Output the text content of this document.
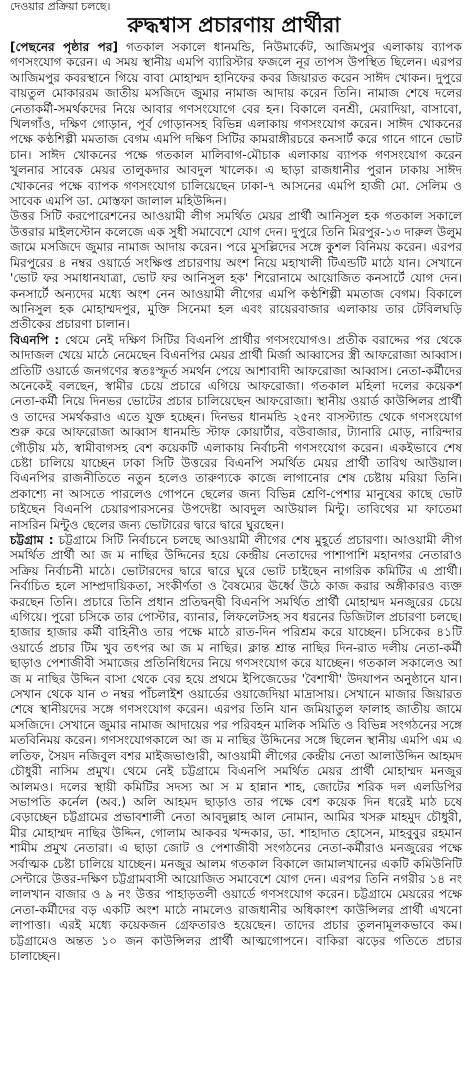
দেওয়ার প্রক্রিয়া চলছে।
রুদ্ধশ্বাস প্রচারণায় প্রার্থীরা

[পেছনের পৃষ্ঠার পর] গতকাল সকালে ধানমন্ডি, নিউমার্কেট, আজিমপুর এলাকায় ব্যাপক গণসংযোগ করেন। এ সময় স্থানীয় এমপি ব্যারিস্টার ফজলে নূর তাপস উপস্থিত ছিলেন। এরপর আজিমপুর কবরস্থানে গিয়ে বাবা মোহাম্মদ হানিফের কবর জিয়ারত করেন সাঈদ খোকন। দুপুরে বায়তুল মোকাররম জাতীয় মসজিদে জুমার নামাজ আদায় করেন তিনি। নামাজ শেষে দলের নেতাকর্মী-সমর্থকদের নিয়ে আবার গণসংযোগে বের হন। বিকালে বনশ্রী, মেরাদিয়া, বাসাবো, খিলগাঁও, দক্ষিণ গোড়ান, পূর্ব গোড়ানসহ বিভিন্ন এলাকায় গণসংযোগ করেন। সাঈদ খোকনের পক্ষে কণ্ঠশিল্পী মমতাজ বেগম এমপি দক্ষিণ সিটির কামরাঙ্গীরচরে কনসার্ট করে গানে গানে ভোট চান। সাঈদ খোকনের পক্ষে গতকাল মালিবাগ-মৌচাক এলাকায় ব্যাপক গণসংযোগ করেন খুলনার সাবেক মেয়র তালুকদার আবদুল খালেক। এ ছাড়া রাজধানীর পুরান ঢাকায় সাঈদ খোকনের পক্ষে ব্যাপক গণসংযোগ চালিয়েছেন ঢাকা-৭ আসনের এমপি হাজী মো. সেলিম ও সাবেক এমপি ডা. মোস্তফা জালাল মহিউদ্দিন।

উত্তর সিটি করপোরেশনের আওয়ামী লীগ সমর্থিত মেয়র প্রার্থী আনিসুল হক গতকাল সকালে উত্তরার মাইলস্টোন কলেজে এক সুধী সমাবেশে যোগ দেন। দুপুরে তিনি মিরপুর-১৩ দারুল উলুম জামে মসজিদে জুমার নামাজ আদায় করেন। পরে মুসল্লিদের সঙ্গে কুশল বিনিময় করেন। এরপর মিরপুরের ৪ নম্বর ওয়ার্ডে সংক্ষিপ্ত প্রচারণায় অংশ নিয়ে মহাখালী টিএন্ডটি মাঠে যান। সেখানে 'ভোট ফর সমাধানযাত্রা, ভোট ফর আনিসুল হক' শিরোনামে আয়োজিত কনসার্টে যোগ দেন। কনসার্টে অন্যদের মধ্যে অংশ নেন আওয়ামী লীগের এমপি কণ্ঠশিল্পী মমতাজ বেগম। বিকালে আনিসুল হক মোহাম্মদপুর, মুক্তি সিনেমা হল এবং রায়েরবাজার এলাকায় তার টেবিলঘড়ি প্রতীকের প্রচারণা চালান।

বিএনপি : থেমে নেই দক্ষিণ সিটির বিএনপি প্রার্থীর গণসংযোগও। প্রতীক বরাদ্দের পর থেকে আদাজল খেয়ে মাঠে নেমেছেন বিএনপির মেয়র প্রার্থী মির্জা আব্বাসের স্ত্রী আফরোজা আব্বাস। প্রতিটি ওয়ার্ডে জনগণের স্বতঃস্ফূর্ত সমর্থন পেয়ে আশাবাদী আফরোজা আব্বাস। নেতা-কর্মীদের অনেকেই বলছেন, স্বামীর চেয়ে প্রচারে এগিয়ে আফরোজা। গতকাল মহিলা দলের কয়েকশ নেতা-কর্মী নিয়ে দিনভর ভোটের প্রচার চালিয়েছেন আফরোজা। স্থানীয় ওয়ার্ড কাউন্সিলর প্রার্থী ও তাদের সমর্থকরাও এতে যুক্ত হচ্ছেন। দিনভর ধানমন্ডি ২৫নং বাসস্ট্যান্ড থেকে গণসংযোগ শুরু করে আফরোজা আব্বাস ধানমন্ডি স্টাফ কোয়ার্টার, বউবাজার, ট্যানারি মোড়, নারিন্দার গৌড়ীয় মঠ, স্বামীবাগসহ বেশ কয়েকটি এলাকায় নির্বাচনী গণসংযোগ করেন। একইভাবে শেষ চেষ্টা চালিয়ে যাচ্ছেন ঢাকা সিটি উত্তরের বিএনপি সমর্থিত মেয়র প্রার্থী তাবিথ আউয়াল। বিএনপির রাজনীতিতে নতুন হলেও তারুণ্যকে কাজে লাগানোর শেষ চেষ্টায় মরিয়া তিনি। প্রকাশ্যে না আসতে পারলেও গোপনে ছেলের জন্য বিভিন্ন শ্রেণি-পেশার মানুষের কাছে ভোট চাইছেন বিএনপি চেয়ারপারসনের উপদেষ্টা আবদুল আউয়াল মিন্টু। তাবিথের মা ফাতেমা নাসরিন মিন্টুও ছেলের জন্য ভোটারের দ্বারে দ্বারে ঘুরছেন।

চট্টগ্রাম : চট্টগ্রামে সিটি নির্বাচনে চলছে আওয়ামী লীগের শেষ মুহূর্তে প্রচারণা। আওয়ামী লীগ সমর্থিত প্রার্থী আ জ ম নাছির উদ্দিনের হয়ে কেন্দ্রীয় নেতাদের পাশাপাশি মহানগর নেতারাও সক্রিয় নির্বাচনী মাঠে। ভোটারদের দ্বারে দ্বারে ঘুরে ভোট চাইছেন নাগরিক কমিটির এ প্রার্থী। নির্বাচিত হলে সাম্প্রদায়িকতা, সংকীর্ণতা ও বৈষম্যের ঊর্ধ্বে উঠে কাজ করার অঙ্গীকারও ব্যক্ত করছেন তিনি। প্রচারে তিনি প্রধান প্রতিদ্বন্দ্বী বিএনপি সমর্থিত প্রার্থী মোহাম্মদ মনজুরের চেয়ে এগিয়ে। পুরো চসিকে তার পোস্টার, ব্যানার, লিফলেটসহ সব ধরনের ডিজিটাল প্রচারণা চলছে। হাজার হাজার কর্মী বাহিনীও তার পক্ষে মাঠে রাত-দিন পরিশ্রম করে যাচ্ছেন। চসিকের ৪১টি ওয়ার্ডে প্রচার টিম খুব তৎপর আ জ ম নাছির। ক্লান্ত শ্রান্ত নাছির দিন-রাত দলীয় নেতা-কর্মী ছাড়াও পেশাজীবী সমাজের প্রতিনিধিদের নিয়ে গণসংযোগ করে যাচ্ছেন। গতকাল সকালেও আ জ ম নাছির উদ্দিন বাসা থেকে বের হয়ে প্রথমে ইপিজেডের 'বৈশাখী' উদযাপন অনুষ্ঠানে যান। সেখান থেকে যান ৩ নম্বর পাঁচলাইশ ওয়ার্ডের ওয়াজেদিয়া মাদ্রাসায়। সেখানে মাজার জিয়ারত শেষে স্থানীয়দের সঙ্গে গণসংযোগ করেন। এরপর তিনি যান জমিয়াতুল ফালাহ জাতীয় জামে মসজিদে। সেখানে জুমার নামাজ আদায়ের পর পরিবহন মালিক সমিতি ও বিভিন্ন সংগঠনের সঙ্গে মতবিনিময় করেন। গণসংযোগকালে আ জ ম নাছির উদ্দিনের সঙ্গে ছিলেন স্থানীয় এমপি এম এ লতিফ, সৈয়দ নজিবুল বশর মাইজভাণ্ডারী, আওয়ামী লীগের কেন্দ্রীয় নেতা আলাউদ্দিন আহমদ চৌধুরী নাসিম প্রমুখ। থেমে নেই চট্টগ্রামে বিএনপি সমর্থিত মেয়র প্রার্থী মোহাম্মদ মনজুর আলমও। দলের স্থায়ী কমিটির সদস্য আ স ম হান্নান শাহ, জোটের শরিক দল এলডিপির সভাপতি কর্নেল (অব.) অলি আহমদ ছাড়াও তার পক্ষে বেশ কয়েক দিন ধরেই মাঠ চষে বেড়াচ্ছেন চট্টগ্রামের প্রভাবশালী নেতা আবদুল্লাহ আল নোমান, আমির খসরু মাহমুদ চৌধুরী, মীর মোহাম্মদ নাছির উদ্দিন, গোলাম আকবর খন্দকার, ডা. শাহাদাত হোসেন, মাহবুবুর রহমান শামীম প্রমুখ নেতারা। এ ছাড়া জোট ও পেশাজীবী সংগঠনের নেতা-কর্মীরাও মনজুরের পক্ষে সর্বাত্মক চেষ্টা চালিয়ে যাচ্ছেন। মনজুর আলম গতকাল বিকালে জামালখানের একটি কমিউনিটি সেন্টারে উত্তর-দক্ষিণ চট্টগ্রামবাসী আয়োজিত সমাবেশে যোগ দেন। এরপর তিনি নগরীর ১৪ নং লালখান বাজার ও ৯ নং উত্তর পাহাড়তলী ওয়ার্ডে গণসংযোগ করেন। চট্টগ্রামে মেয়রের পক্ষে নেতা-কর্মীদের বড় একটি অংশ মাঠে নামলেও রাজধানীর অধিকাংশ কাউন্সিলর প্রার্থী এখনো লাপাত্তা। এরই মধ্যে কয়েকজন গ্রেফতারও হয়েছেন। তাদের প্রচার তুলনামূলকভাবে কম। চট্টগ্রামেও অন্তত ১০ জন কাউন্সিলর প্রার্থী আত্মগোপনে। বাকিরা ঝড়ের গতিতে প্রচার চালাচ্ছেন।
